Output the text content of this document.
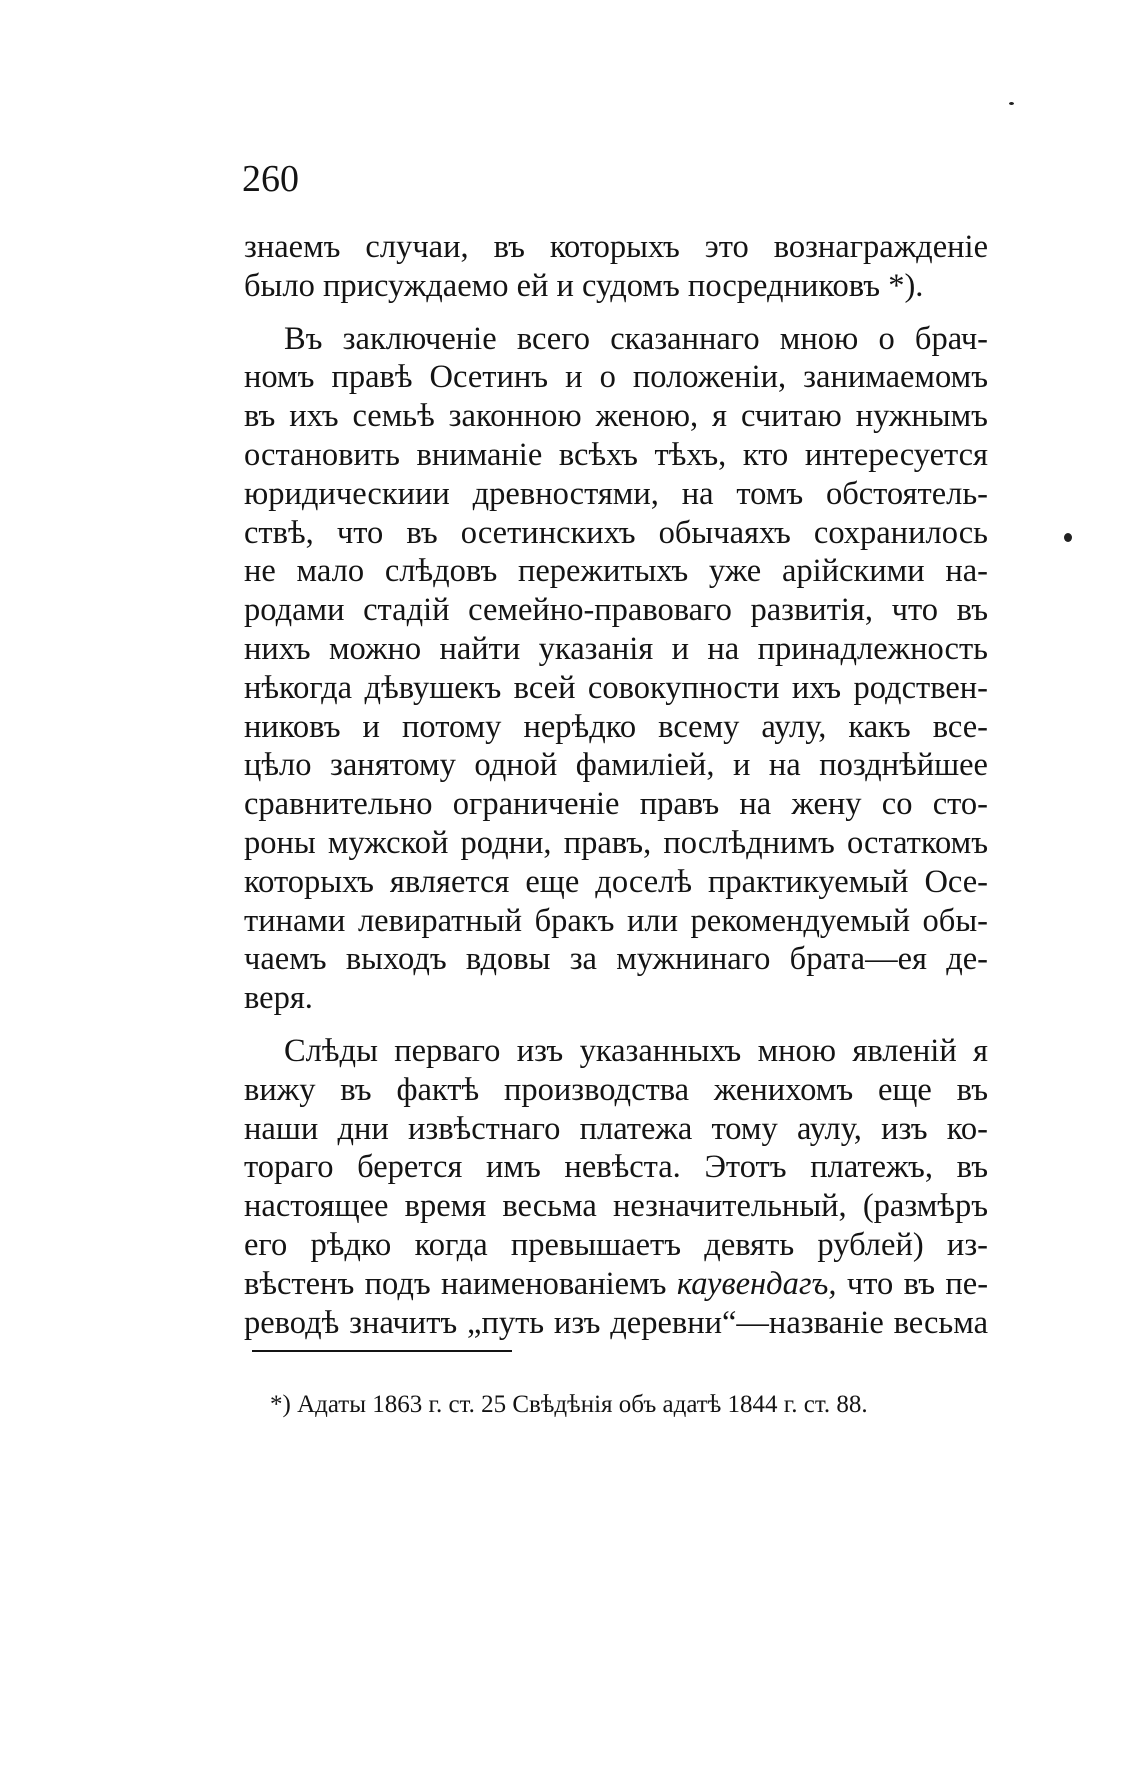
260
знаемъ случаи, въ которыхъ это вознагражденіе
было присуждаемо ей и судомъ посредниковъ *).
Въ заключеніе всего сказаннаго мною о брач-
номъ правѣ Осетинъ и о положеніи, занимаемомъ
въ ихъ семьѣ законною женою, я считаю нужнымъ
остановить вниманіе всѣхъ тѣхъ, кто интересуется
юридическиии древностями, на томъ обстоятель-
ствѣ, что въ осетинскихъ обычаяхъ сохранилось
не мало слѣдовъ пережитыхъ уже арійскими на-
родами стадій семейно-правоваго развитія, что въ
нихъ можно найти указанія и на принадлежность
нѣкогда дѣвушекъ всей совокупности ихъ родствен-
никовъ и потому нерѣдко всему аулу, какъ все-
цѣло занятому одной фамиліей, и на позднѣйшее
сравнительно ограниченіе правъ на жену со сто-
роны мужской родни, правъ, послѣднимъ остаткомъ
которыхъ является еще доселѣ практикуемый Осе-
тинами левиратный бракъ или рекомендуемый обы-
чаемъ выходъ вдовы за мужнинаго брата—ея де-
веря.
Слѣды перваго изъ указанныхъ мною явленій я
вижу въ фактѣ производства женихомъ еще въ
наши дни извѣстнаго платежа тому аулу, изъ ко-
тораго берется имъ невѣста. Этотъ платежъ, въ
настоящее время весьма незначительный, (размѣръ
его рѣдко когда превышаетъ девять рублей) из-
вѣстенъ подъ наименованіемъ каувендагъ, что въ пе-
реводѣ значитъ „путь изъ деревни“—названіе весьма
*) Адаты 1863 г. ст. 25 Свѣдѣнія объ адатѣ 1844 г. ст. 88.
